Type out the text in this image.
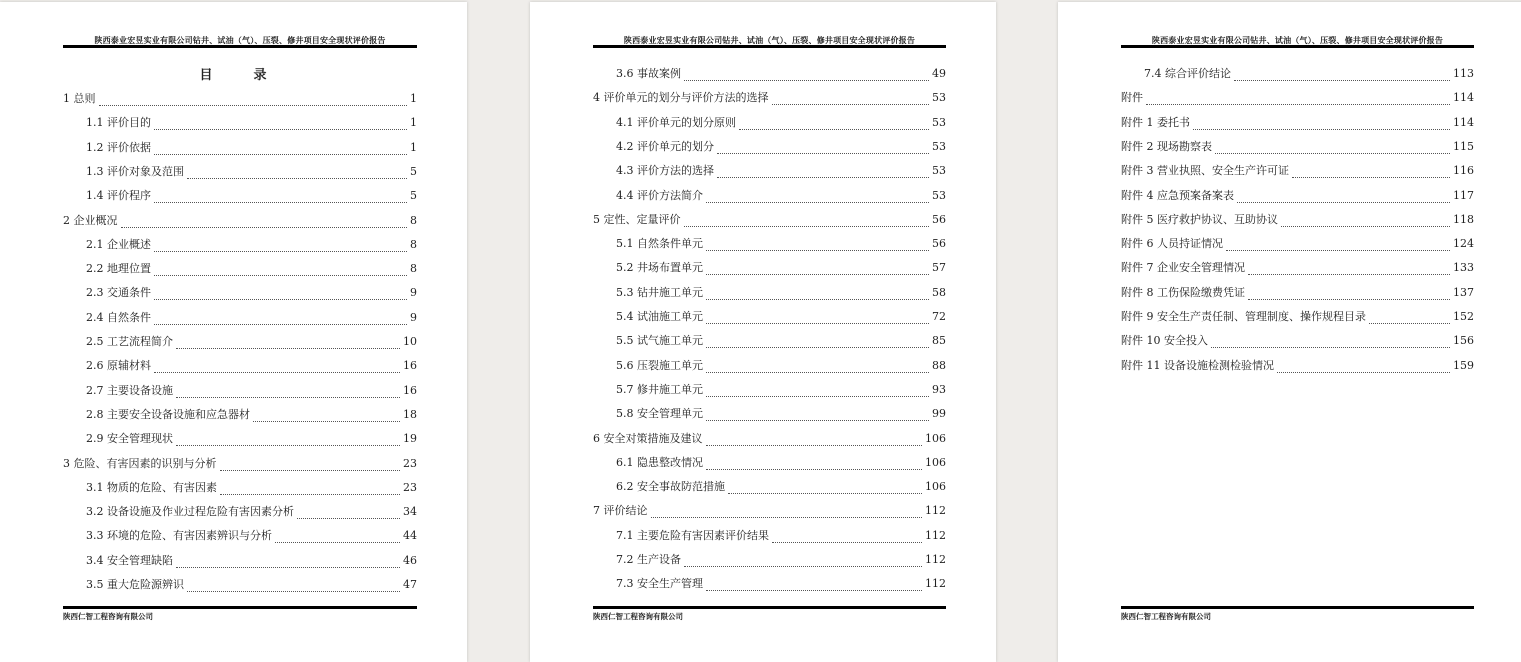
陕西泰业宏昱实业有限公司钻井、试油（气）、压裂、修井项目安全现状评价报告
目　录
1 总则	1
1.1 评价目的	1
1.2 评价依据	1
1.3 评价对象及范围	5
1.4 评价程序	5
2 企业概况	8
2.1 企业概述	8
2.2 地理位置	8
2.3 交通条件	9
2.4 自然条件	9
2.5 工艺流程简介	10
2.6 原辅材料	16
2.7 主要设备设施	16
2.8 主要安全设备设施和应急器材	18
2.9 安全管理现状	19
3 危险、有害因素的识别与分析	23
3.1 物质的危险、有害因素	23
3.2 设备设施及作业过程危险有害因素分析	34
3.3 环境的危险、有害因素辨识与分析	44
3.4 安全管理缺陷	46
3.5 重大危险源辨识	47
陕西仁智工程咨询有限公司
陕西泰业宏昱实业有限公司钻井、试油（气）、压裂、修井项目安全现状评价报告
3.6 事故案例	49
4 评价单元的划分与评价方法的选择	53
4.1 评价单元的划分原则	53
4.2 评价单元的划分	53
4.3 评价方法的选择	53
4.4 评价方法简介	53
5 定性、定量评价	56
5.1 自然条件单元	56
5.2 井场布置单元	57
5.3 钻井施工单元	58
5.4 试油施工单元	72
5.5 试气施工单元	85
5.6 压裂施工单元	88
5.7 修井施工单元	93
5.8 安全管理单元	99
6 安全对策措施及建议	106
6.1 隐患整改情况	106
6.2 安全事故防范措施	106
7 评价结论	112
7.1 主要危险有害因素评价结果	112
7.2 生产设备	112
7.3 安全生产管理	112
陕西仁智工程咨询有限公司
陕西泰业宏昱实业有限公司钻井、试油（气）、压裂、修井项目安全现状评价报告
7.4 综合评价结论	113
附件	114
附件 1 委托书	114
附件 2 现场勘察表	115
附件 3 营业执照、安全生产许可证	116
附件 4 应急预案备案表	117
附件 5 医疗救护协议、互助协议	118
附件 6 人员持证情况	124
附件 7 企业安全管理情况	133
附件 8 工伤保险缴费凭证	137
附件 9 安全生产责任制、管理制度、操作规程目录	152
附件 10 安全投入	156
附件 11 设备设施检测检验情况	159
陕西仁智工程咨询有限公司
